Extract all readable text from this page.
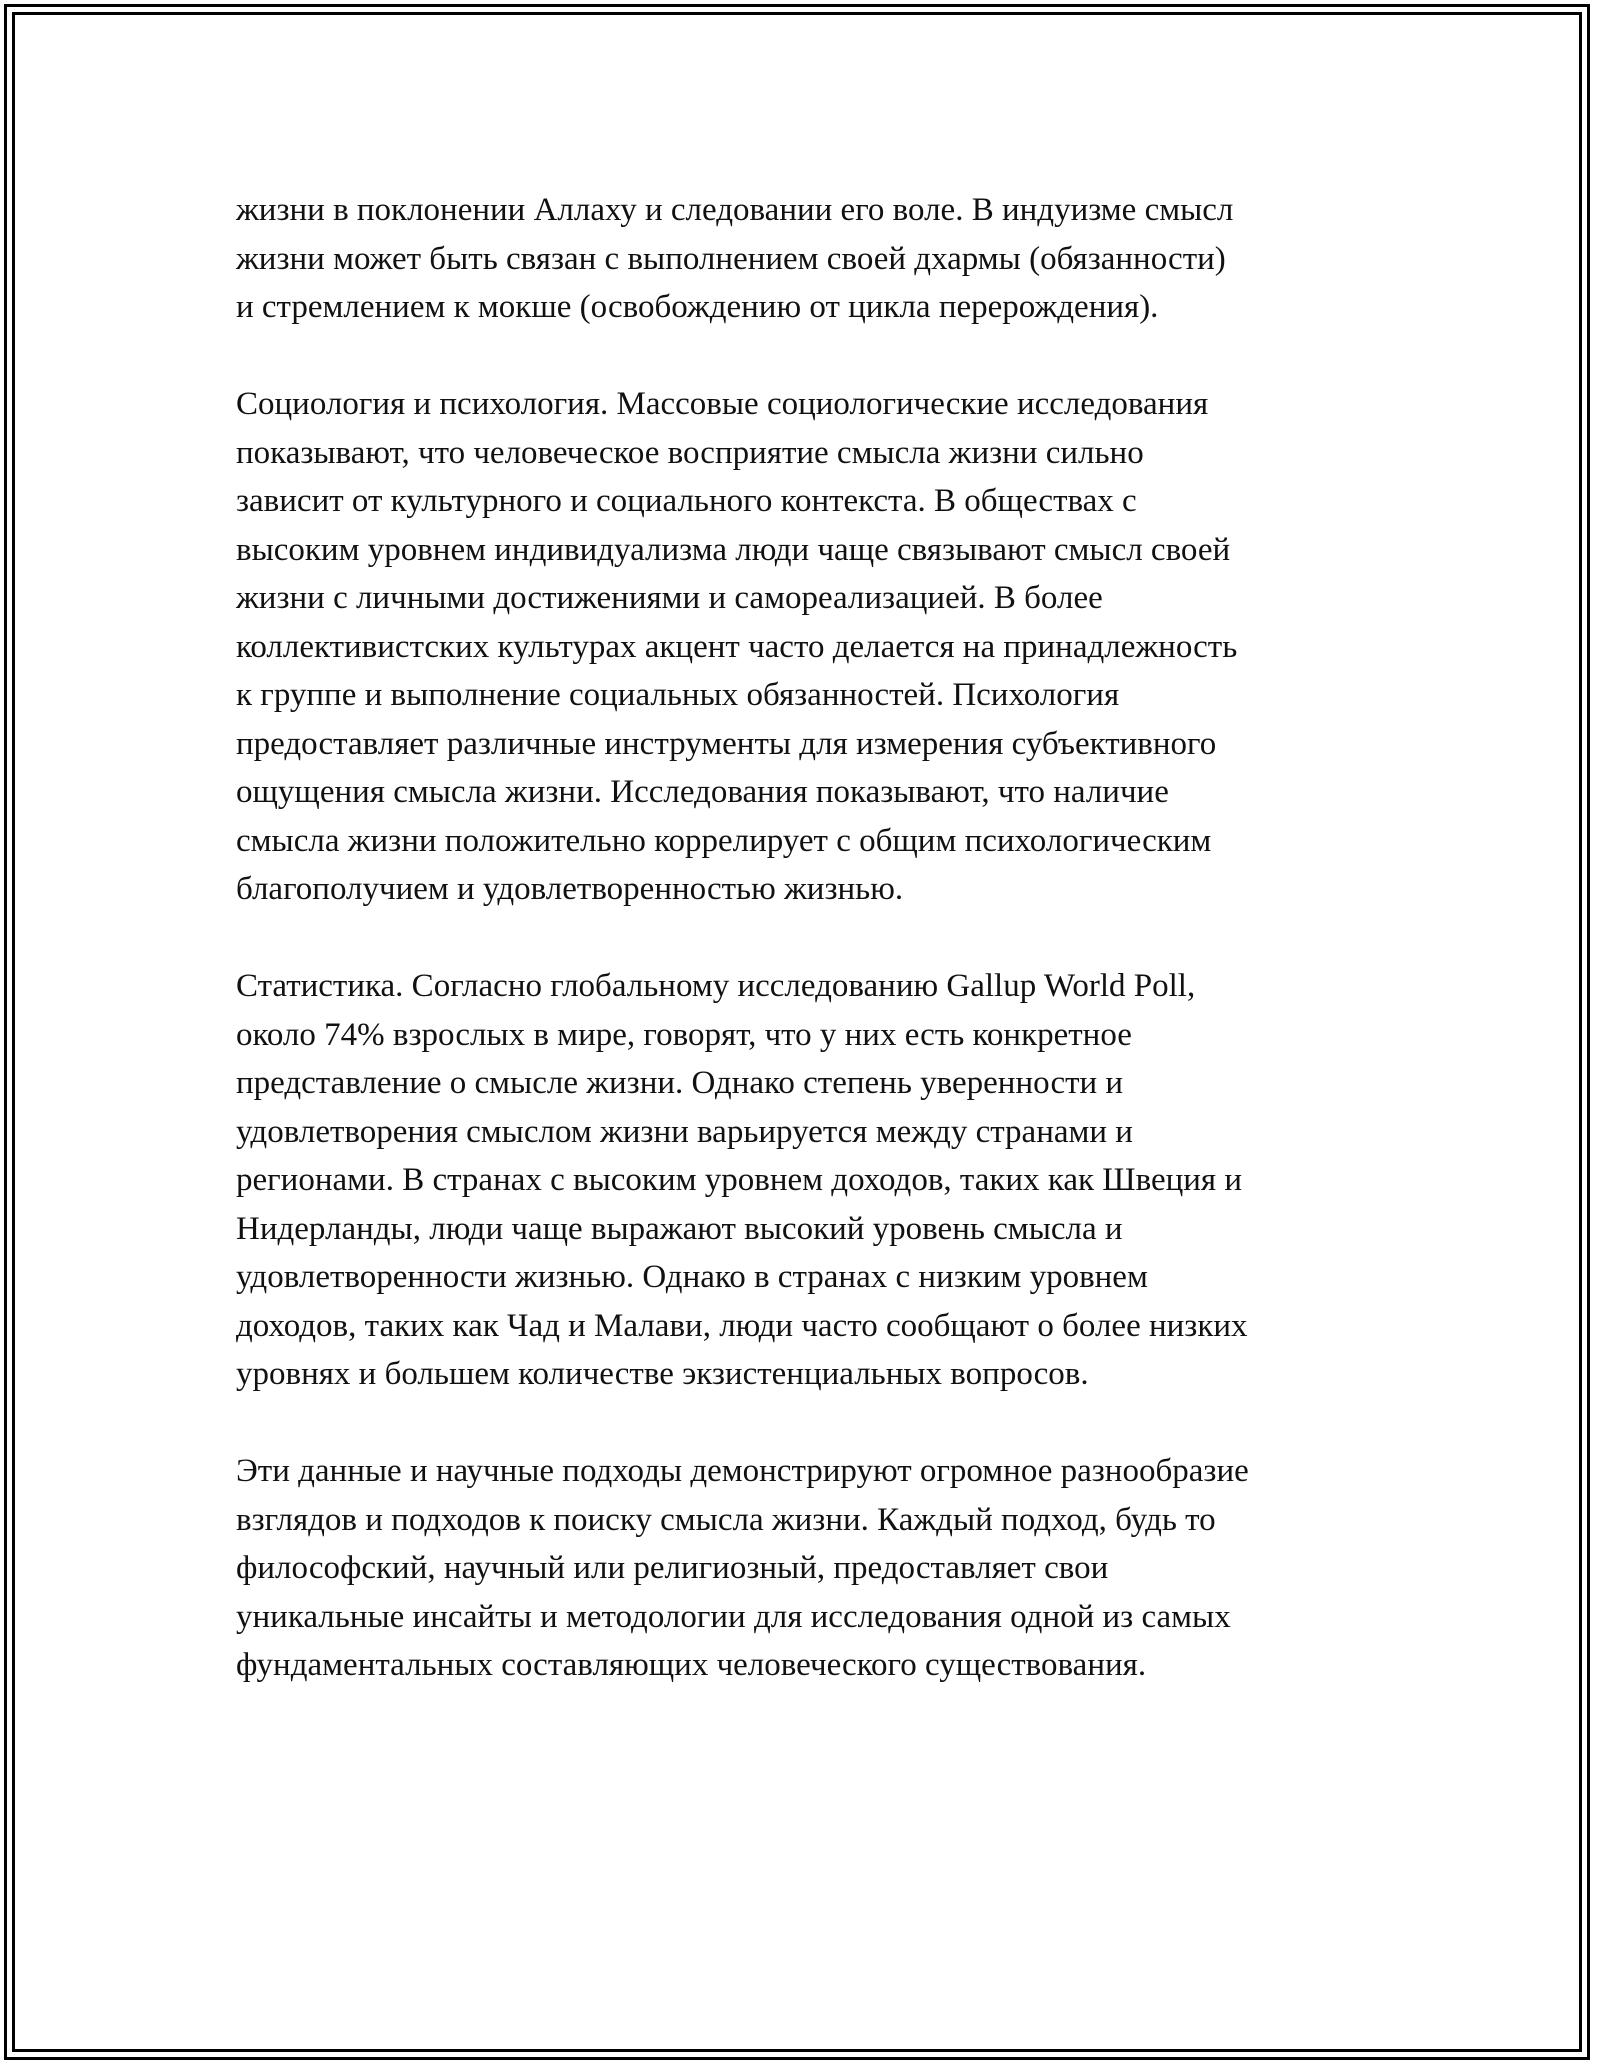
жизни в поклонении Аллаху и следовании его воле. В индуизме смысл
жизни может быть связан с выполнением своей дхармы (обязанности)
и стремлением к мокше (освобождению от цикла перерождения).

Социология и психология. Массовые социологические исследования
показывают, что человеческое восприятие смысла жизни сильно
зависит от культурного и социального контекста. В обществах с
высоким уровнем индивидуализма люди чаще связывают смысл своей
жизни с личными достижениями и самореализацией. В более
коллективистских культурах акцент часто делается на принадлежность
к группе и выполнение социальных обязанностей. Психология
предоставляет различные инструменты для измерения субъективного
ощущения смысла жизни. Исследования показывают, что наличие
смысла жизни положительно коррелирует с общим психологическим
благополучием и удовлетворенностью жизнью.

Статистика. Согласно глобальному исследованию Gallup World Poll,
около 74% взрослых в мире, говорят, что у них есть конкретное
представление о смысле жизни. Однако степень уверенности и
удовлетворения смыслом жизни варьируется между странами и
регионами. В странах с высоким уровнем доходов, таких как Швеция и
Нидерланды, люди чаще выражают высокий уровень смысла и
удовлетворенности жизнью. Однако в странах с низким уровнем
доходов, таких как Чад и Малави, люди часто сообщают о более низких
уровнях и большем количестве экзистенциальных вопросов.

Эти данные и научные подходы демонстрируют огромное разнообразие
взглядов и подходов к поиску смысла жизни. Каждый подход, будь то
философский, научный или религиозный, предоставляет свои
уникальные инсайты и методологии для исследования одной из самых
фундаментальных составляющих человеческого существования.
